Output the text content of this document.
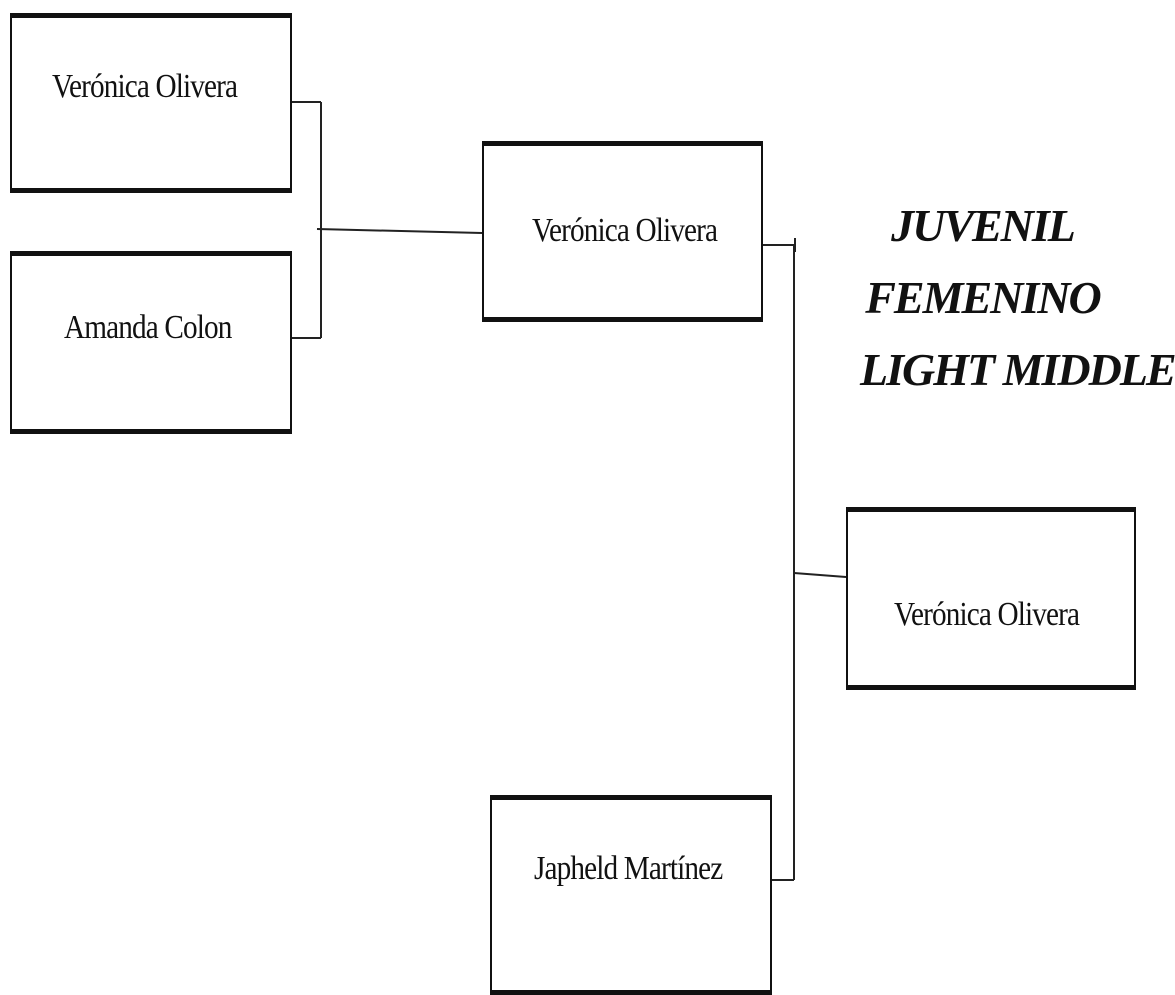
Verónica Olivera
Amanda Colon
Verónica Olivera
Verónica Olivera
Japheld Martínez
JUVENIL
FEMENINO
LIGHT MIDDLE
